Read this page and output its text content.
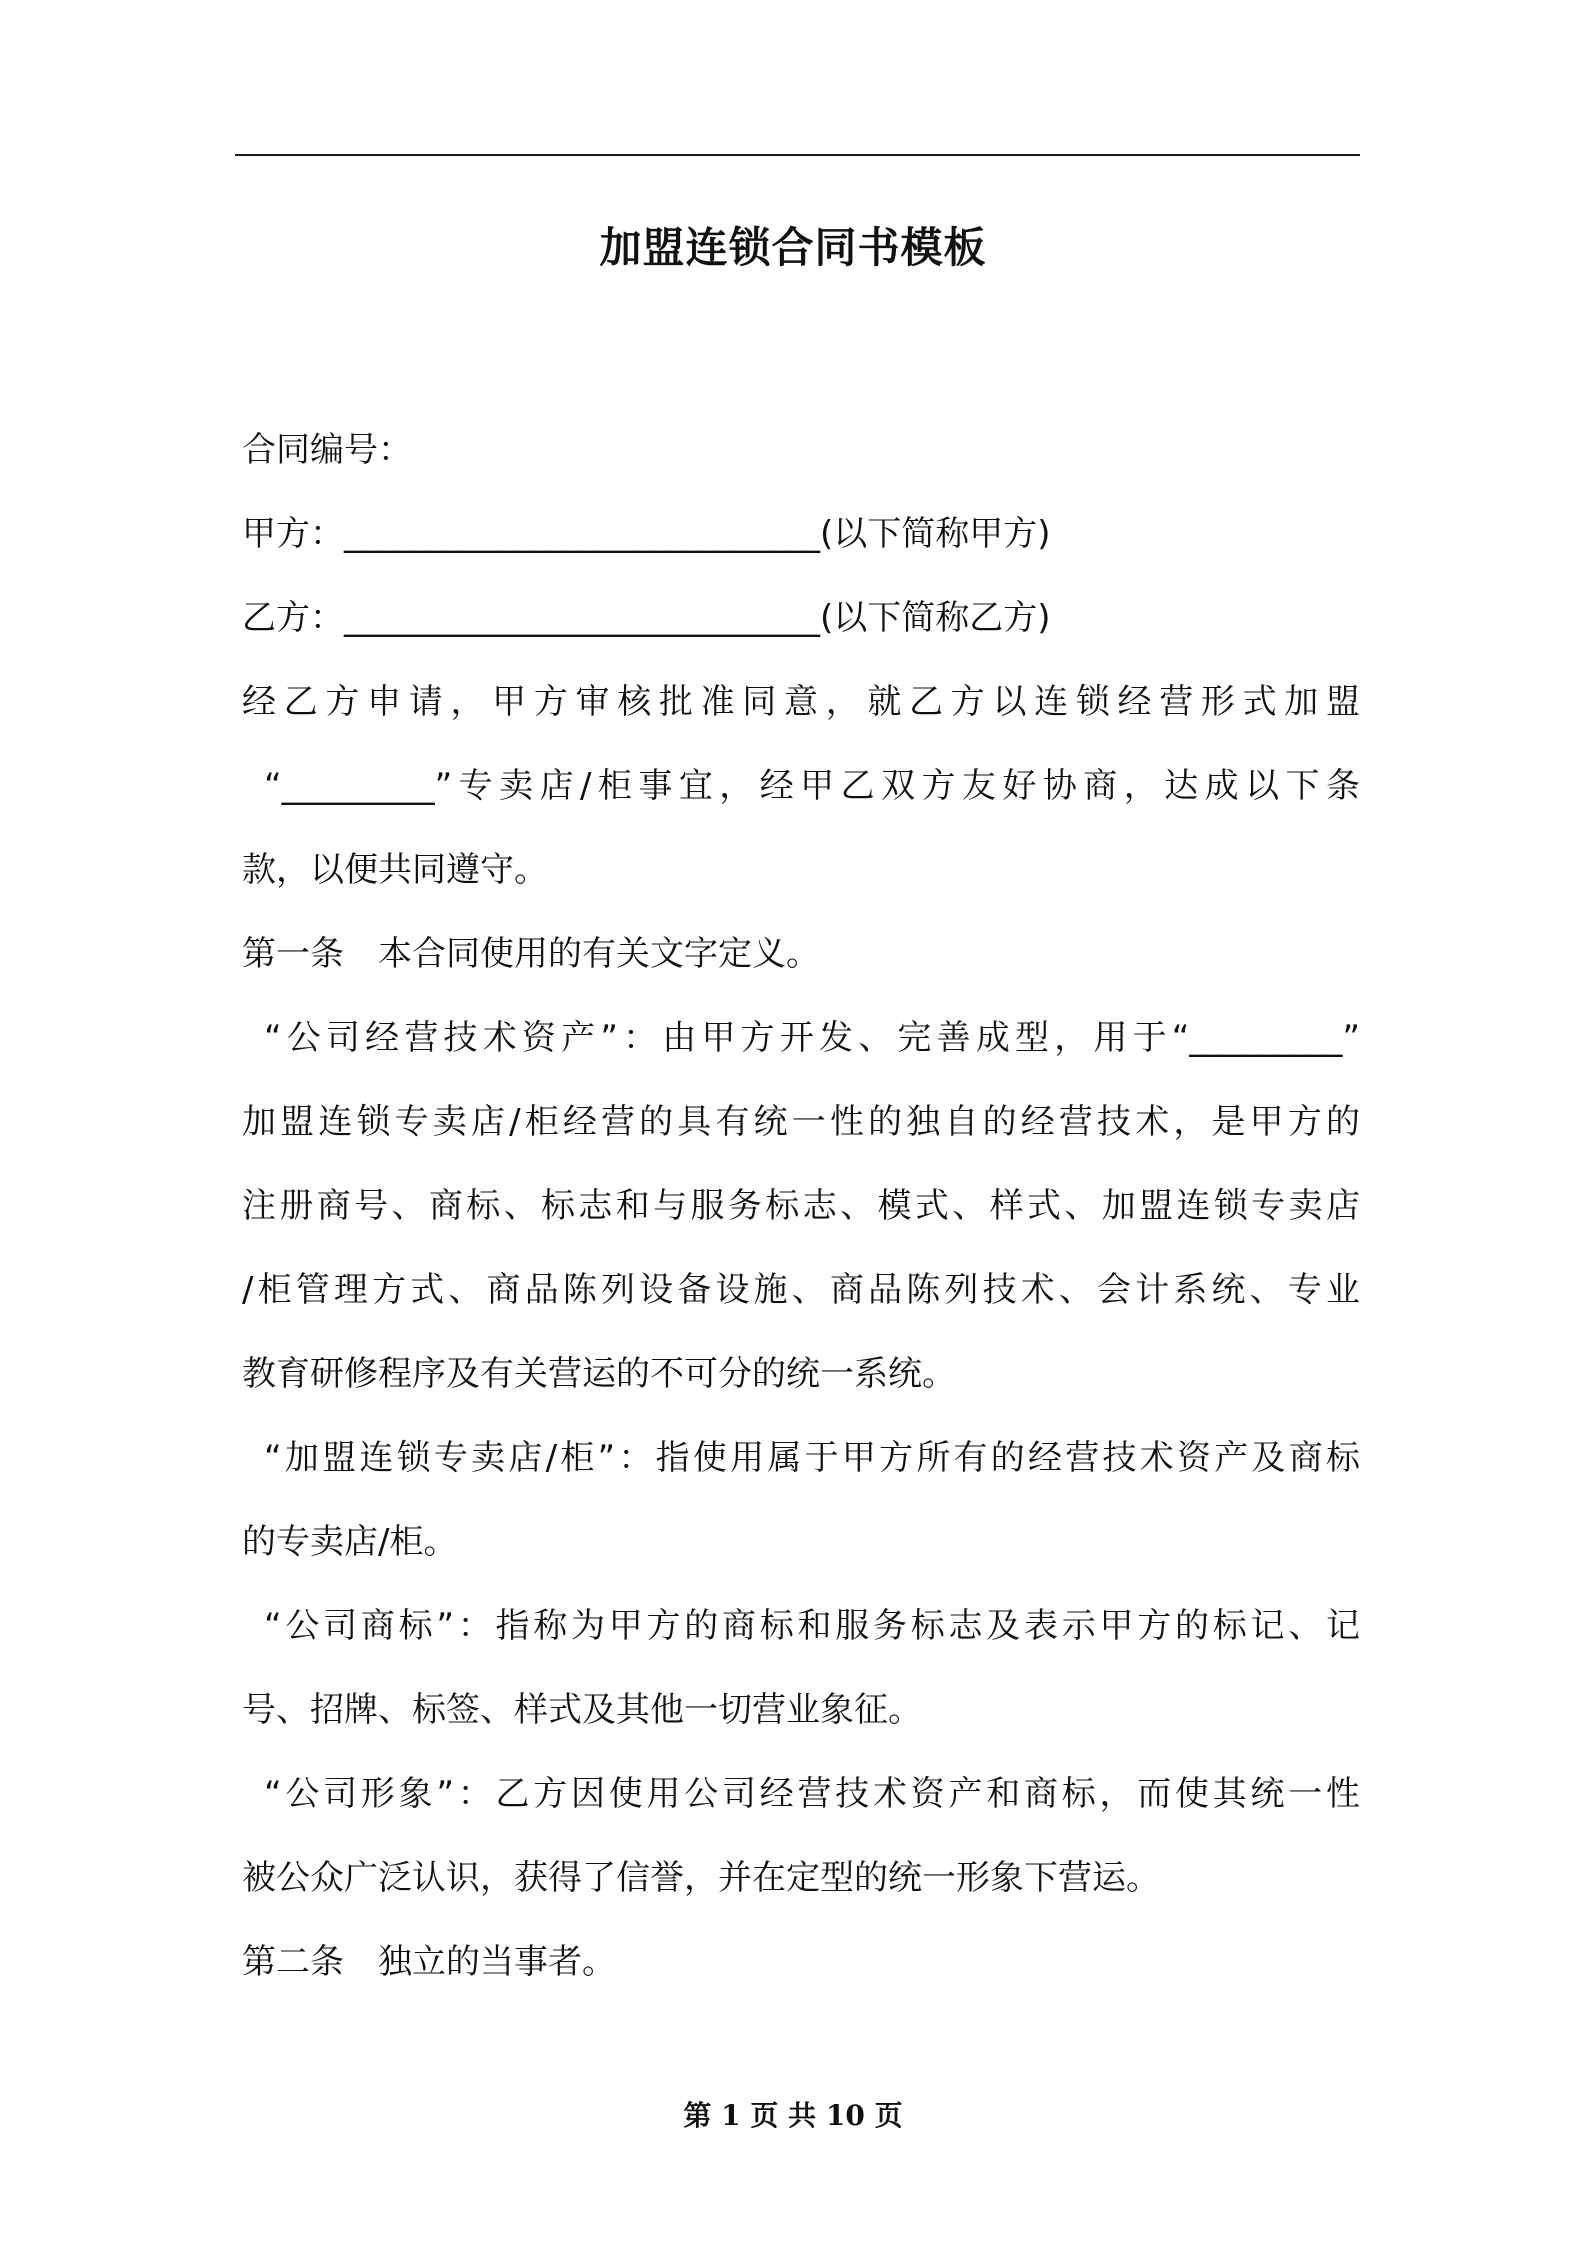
加盟连锁合同书模板
合同编号：
甲方：____________________________(以下简称甲方)
乙方：____________________________(以下简称乙方)
经乙方申请，甲方审核批准同意，就乙方以连锁经营形式加盟
“_________”专卖店/柜事宜，经甲乙双方友好协商，达成以下条
款，以便共同遵守。
第一条　本合同使用的有关文字定义。
“公司经营技术资产”：由甲方开发、完善成型，用于“_________”
加盟连锁专卖店/柜经营的具有统一性的独自的经营技术，是甲方的
注册商号、商标、标志和与服务标志、模式、样式、加盟连锁专卖店
/柜管理方式、商品陈列设备设施、商品陈列技术、会计系统、专业
教育研修程序及有关营运的不可分的统一系统。
“加盟连锁专卖店/柜”：指使用属于甲方所有的经营技术资产及商标
的专卖店/柜。
“公司商标”：指称为甲方的商标和服务标志及表示甲方的标记、记
号、招牌、标签、样式及其他一切营业象征。
“公司形象”：乙方因使用公司经营技术资产和商标，而使其统一性
被公众广泛认识，获得了信誉，并在定型的统一形象下营运。
第二条　独立的当事者。
第 1 页 共 10 页
